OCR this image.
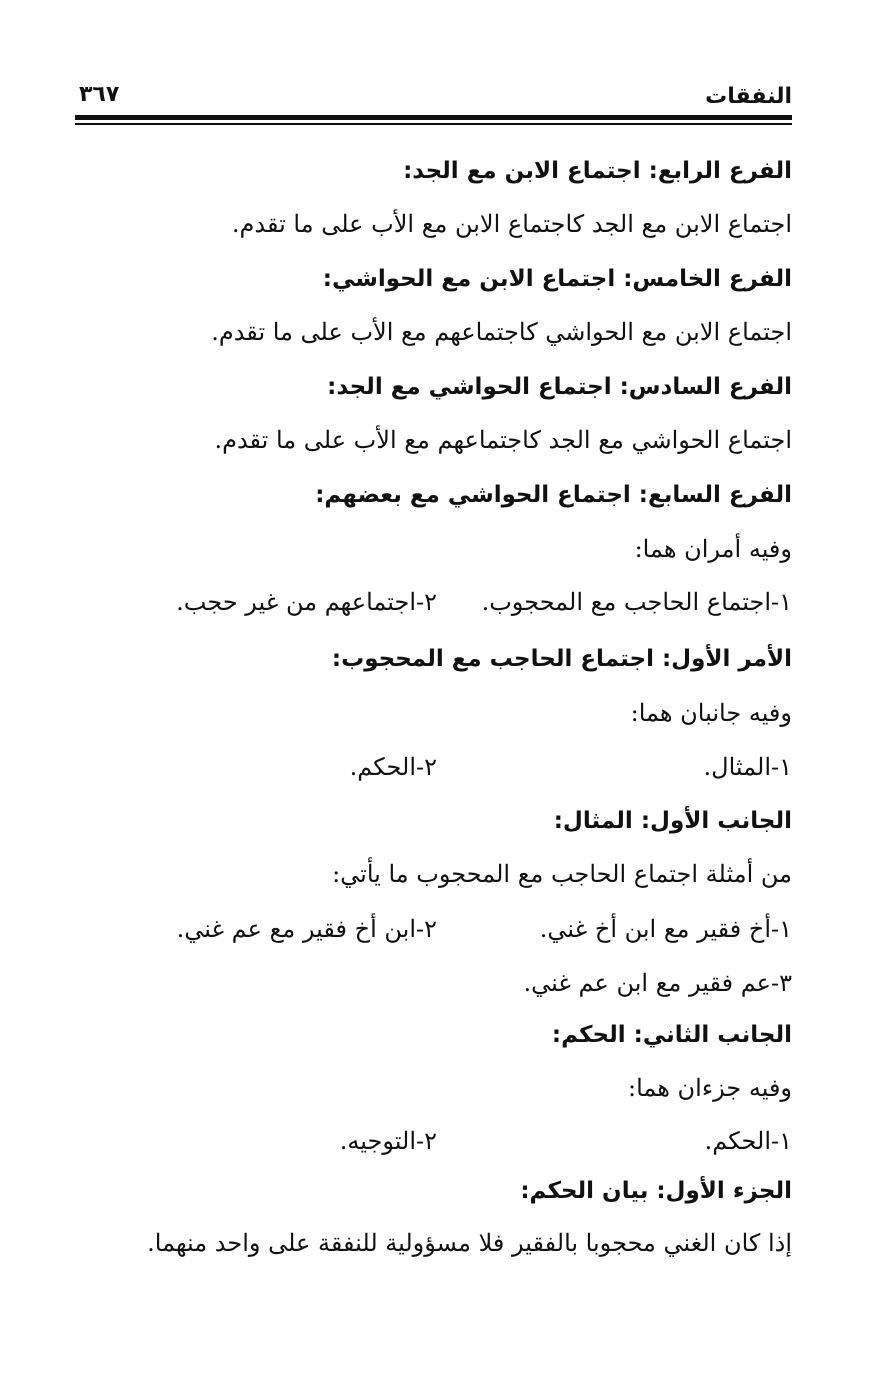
النفقات
٣٦٧
الفرع الرابع: اجتماع الابن مع الجد:
اجتماع الابن مع الجد كاجتماع الابن مع الأب على ما تقدم.
الفرع الخامس: اجتماع الابن مع الحواشي:
اجتماع الابن مع الحواشي كاجتماعهم مع الأب على ما تقدم.
الفرع السادس: اجتماع الحواشي مع الجد:
اجتماع الحواشي مع الجد كاجتماعهم مع الأب على ما تقدم.
الفرع السابع: اجتماع الحواشي مع بعضهم:
وفيه أمران هما:
١-اجتماع الحاجب مع المحجوب.
٢-اجتماعهم من غير حجب.
الأمر الأول: اجتماع الحاجب مع المحجوب:
وفيه جانبان هما:
١-المثال.
٢-الحكم.
الجانب الأول: المثال:
من أمثلة اجتماع الحاجب مع المحجوب ما يأتي:
١-أخ فقير مع ابن أخ غني.
٢-ابن أخ فقير مع عم غني.
٣-عم فقير مع ابن عم غني.
الجانب الثاني: الحكم:
وفيه جزءان هما:
١-الحكم.
٢-التوجيه.
الجزء الأول: بيان الحكم:
إذا كان الغني محجوبا بالفقير فلا مسؤولية للنفقة على واحد منهما.
